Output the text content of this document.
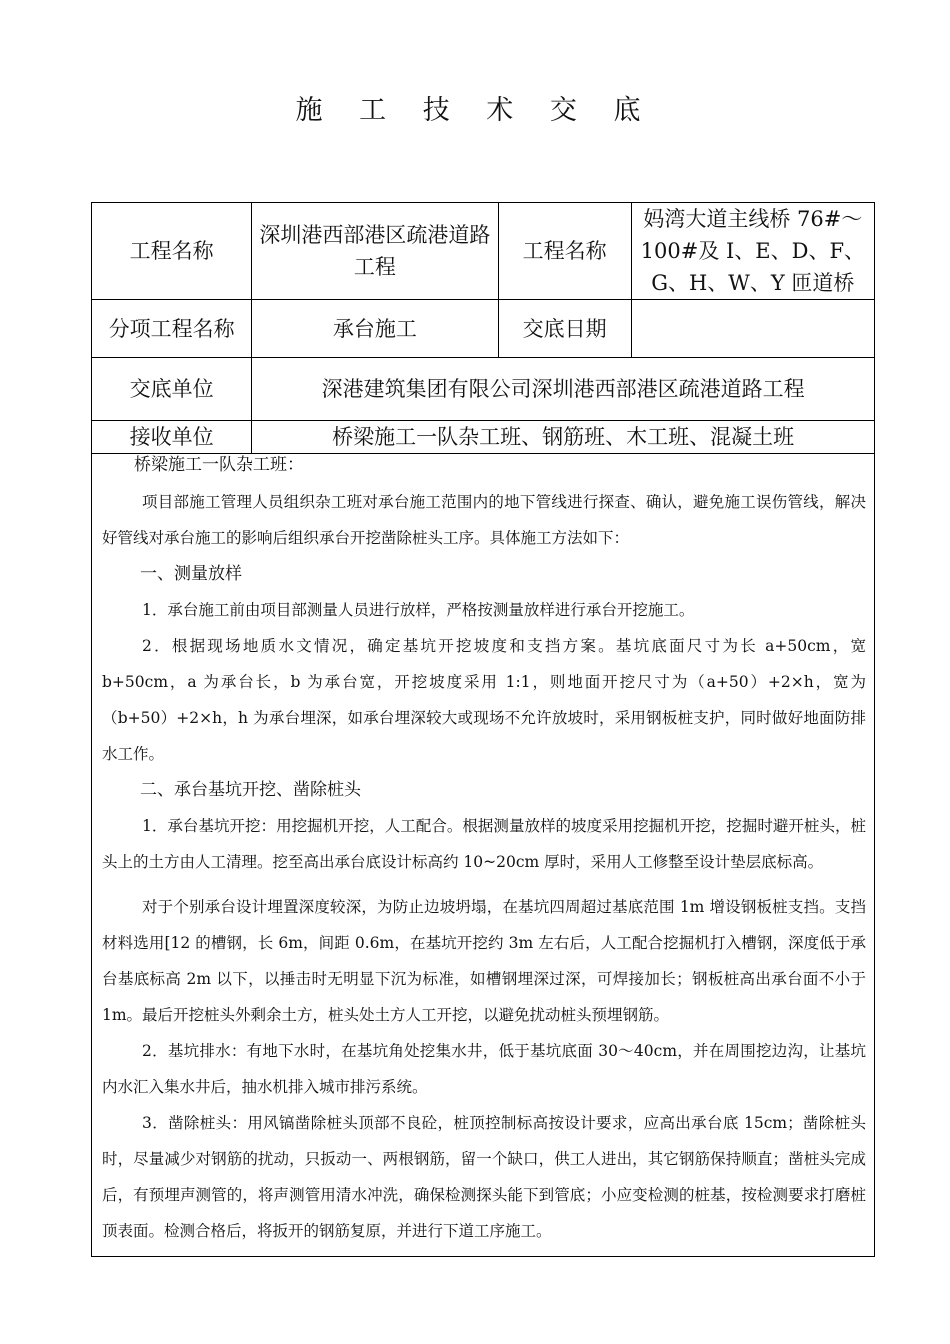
施 工 技 术 交 底
工程名称	深圳港西部港区疏港道路工程	工程名称	妈湾大道主线桥 76#～100#及 I、E、D、F、G、H、W、Y 匝道桥
分项工程名称	承台施工	交底日期	
交底单位	深港建筑集团有限公司深圳港西部港区疏港道路工程		
接收单位	桥梁施工一队杂工班、钢筋班、木工班、混凝土班		

桥梁施工一队杂工班：

项目部施工管理人员组织杂工班对承台施工范围内的地下管线进行探查、确认，避免施工误伤管线，解决好管线对承台施工的影响后组织承台开挖凿除桩头工序。具体施工方法如下：

一、测量放样

1．承台施工前由项目部测量人员进行放样，严格按测量放样进行承台开挖施工。

2．根据现场地质水文情况，确定基坑开挖坡度和支挡方案。基坑底面尺寸为长 a+50cm，宽 b+50cm，a 为承台长，b 为承台宽，开挖坡度采用 1:1，则地面开挖尺寸为（a+50）+2×h，宽为（b+50）+2×h，h 为承台埋深，如承台埋深较大或现场不允许放坡时，采用钢板桩支护，同时做好地面防排水工作。

二、承台基坑开挖、凿除桩头

1．承台基坑开挖：用挖掘机开挖，人工配合。根据测量放样的坡度采用挖掘机开挖，挖掘时避开桩头，桩头上的土方由人工清理。挖至高出承台底设计标高约 10~20cm 厚时，采用人工修整至设计垫层底标高。

对于个别承台设计埋置深度较深，为防止边坡坍塌，在基坑四周超过基底范围 1m 增设钢板桩支挡。支挡材料选用[12 的槽钢，长 6m，间距 0.6m，在基坑开挖约 3m 左右后，人工配合挖掘机打入槽钢，深度低于承台基底标高 2m 以下，以捶击时无明显下沉为标准，如槽钢埋深过深，可焊接加长；钢板桩高出承台面不小于 1m。最后开挖桩头外剩余土方，桩头处土方人工开挖，以避免扰动桩头预埋钢筋。

2．基坑排水：有地下水时，在基坑角处挖集水井，低于基坑底面 30～40cm，并在周围挖边沟，让基坑内水汇入集水井后，抽水机排入城市排污系统。

3．凿除桩头：用风镐凿除桩头顶部不良砼，桩顶控制标高按设计要求，应高出承台底 15cm；凿除桩头时，尽量减少对钢筋的扰动，只扳动一、两根钢筋，留一个缺口，供工人进出，其它钢筋保持顺直；凿桩头完成后，有预埋声测管的，将声测管用清水冲洗，确保检测探头能下到管底；小应变检测的桩基，按检测要求打磨桩顶表面。检测合格后，将扳开的钢筋复原，并进行下道工序施工。
